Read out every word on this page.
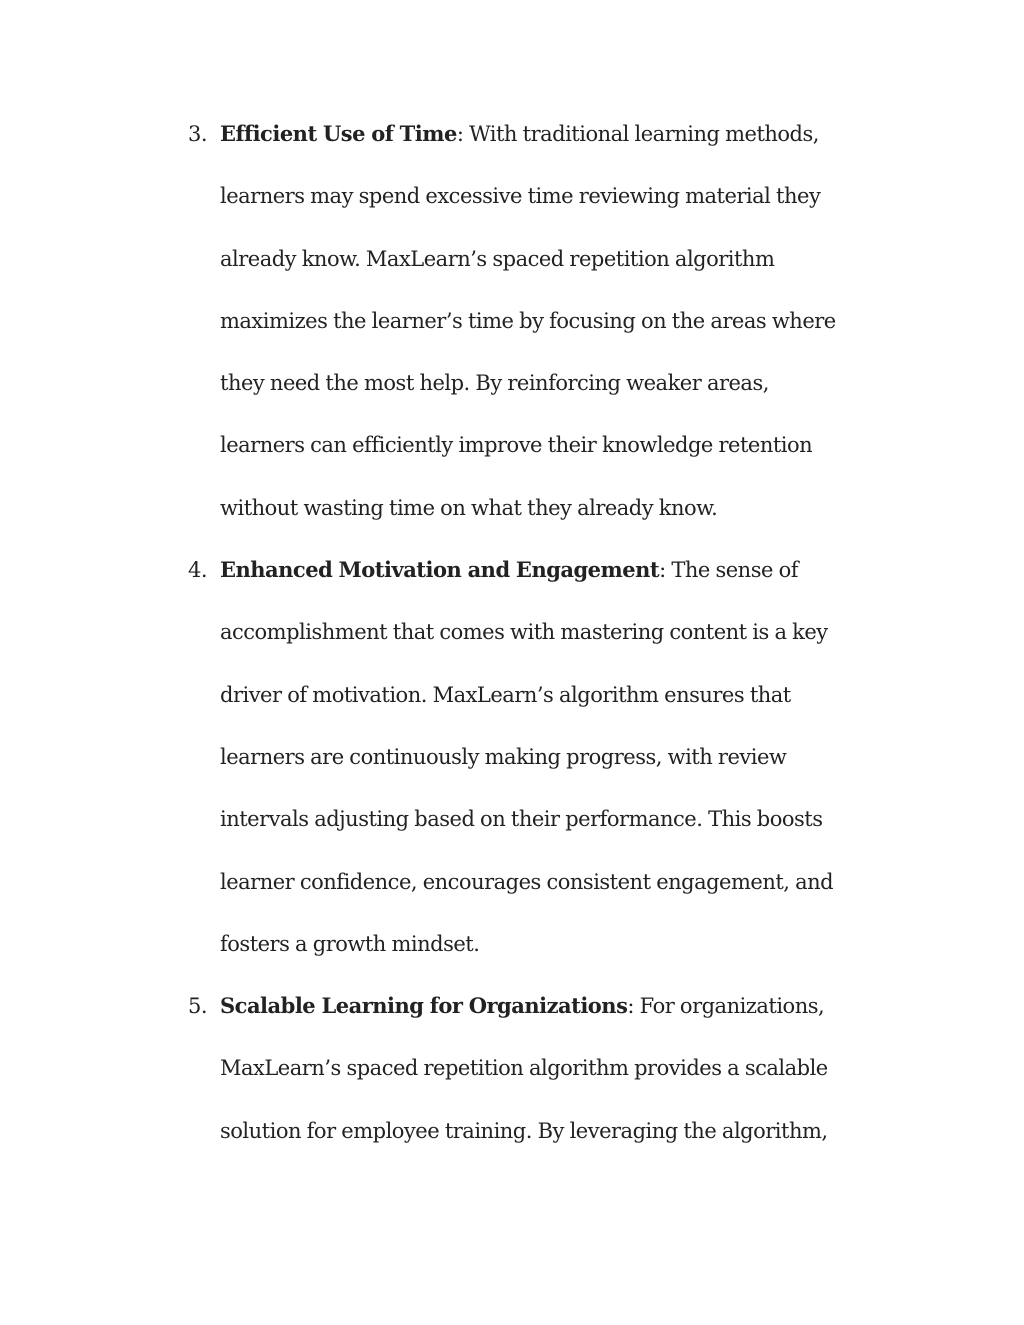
3. Efficient Use of Time: With traditional learning methods,
learners may spend excessive time reviewing material they
already know. MaxLearn’s spaced repetition algorithm
maximizes the learner’s time by focusing on the areas where
they need the most help. By reinforcing weaker areas,
learners can efficiently improve their knowledge retention
without wasting time on what they already know.
4. Enhanced Motivation and Engagement: The sense of
accomplishment that comes with mastering content is a key
driver of motivation. MaxLearn’s algorithm ensures that
learners are continuously making progress, with review
intervals adjusting based on their performance. This boosts
learner confidence, encourages consistent engagement, and
fosters a growth mindset.
5. Scalable Learning for Organizations: For organizations,
MaxLearn’s spaced repetition algorithm provides a scalable
solution for employee training. By leveraging the algorithm,
